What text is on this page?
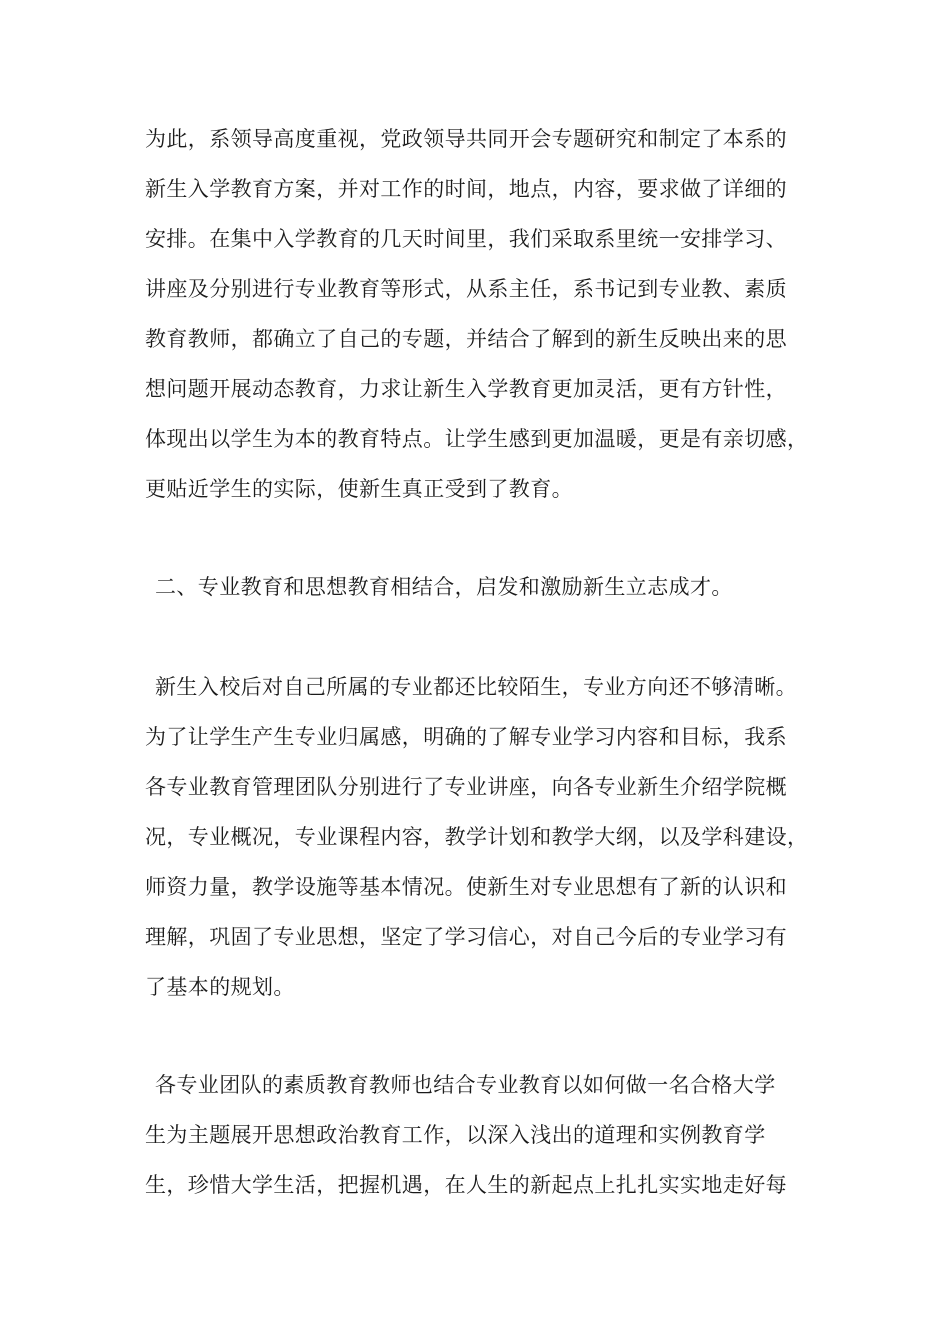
为此，系领导高度重视，党政领导共同开会专题研究和制定了本系的
新生入学教育方案，并对工作的时间，地点，内容，要求做了详细的
安排。在集中入学教育的几天时间里，我们采取系里统一安排学习、
讲座及分别进行专业教育等形式，从系主任，系书记到专业教、素质
教育教师，都确立了自己的专题，并结合了解到的新生反映出来的思
想问题开展动态教育，力求让新生入学教育更加灵活，更有方针性，
体现出以学生为本的教育特点。让学生感到更加温暖，更是有亲切感，
更贴近学生的实际，使新生真正受到了教育。
二、专业教育和思想教育相结合，启发和激励新生立志成才。
新生入校后对自己所属的专业都还比较陌生，专业方向还不够清晰。
为了让学生产生专业归属感，明确的了解专业学习内容和目标，我系
各专业教育管理团队分别进行了专业讲座，向各专业新生介绍学院概
况，专业概况，专业课程内容，教学计划和教学大纲，以及学科建设，
师资力量，教学设施等基本情况。使新生对专业思想有了新的认识和
理解，巩固了专业思想，坚定了学习信心，对自己今后的专业学习有
了基本的规划。
各专业团队的素质教育教师也结合专业教育以如何做一名合格大学
生为主题展开思想政治教育工作，以深入浅出的道理和实例教育学
生，珍惜大学生活，把握机遇，在人生的新起点上扎扎实实地走好每
